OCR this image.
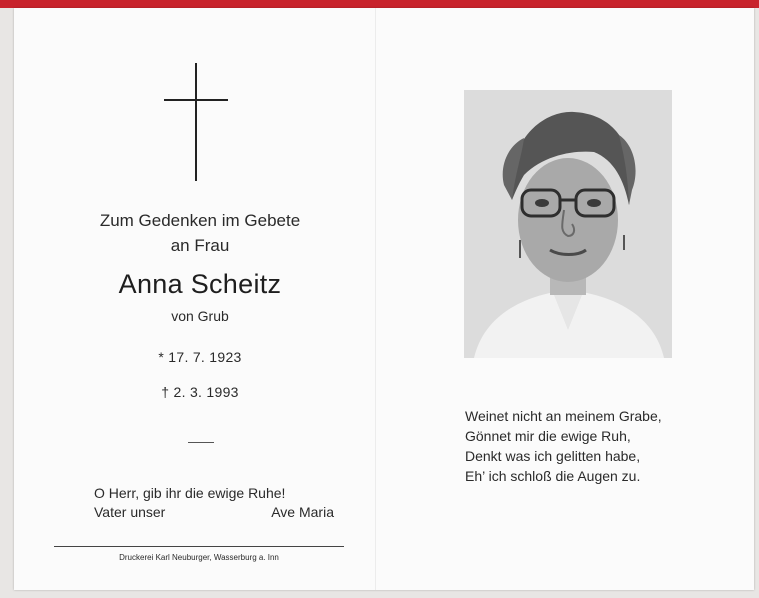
Zum Gedenken im Gebete
an Frau
Anna Scheitz
von Grub
* 17. 7. 1923
† 2. 3. 1993
O Herr, gib ihr die ewige Ruhe!
Vater unser	Ave Maria
Druckerei Karl Neuburger, Wasserburg a. Inn
Weinet nicht an meinem Grabe,
Gönnet mir die ewige Ruh,
Denkt was ich gelitten habe,
Eh’ ich schloß die Augen zu.
